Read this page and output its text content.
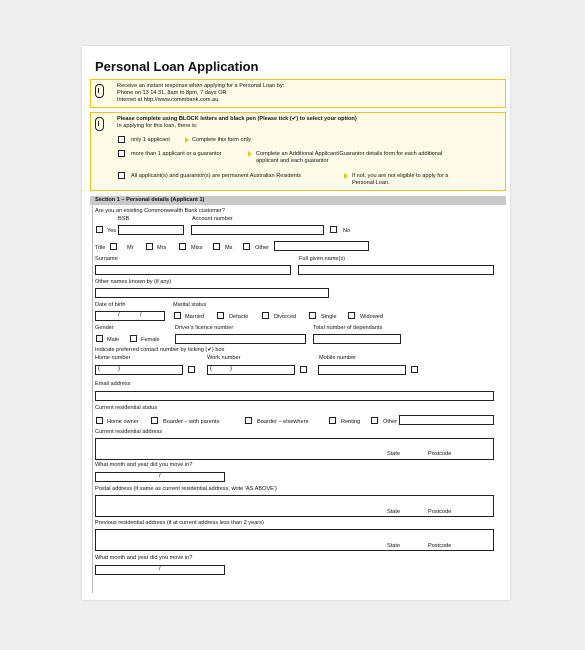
Personal Loan Application
Receive an instant response when applying for a Personal Loan by:
Phone on 13 14 31, 8am to 8pm, 7 days OR
Internet at http://www.commbank.com.au
Please complete using BLOCK letters and black pen (Please tick (✔) to select your option)
In applying for this loan, there is:
only 1 applicant	Complete this form only
more than 1 applicant or a guarantor	Complete an Additional Applicant/Guarantor details form for each additional
applicant and each guarantor
All applicant(s) and guarantor(s) are permanent Australian Residents	If not, you are not eligible to apply for a
Personal Loan.
Section 1 – Personal details (Applicant 1)
Are you an existing Commonwealth Bank customer?
BSB	Account number
Yes	No
Title	Mr	Mrs	Miss	Ms	Other
Surname	Full given name(s)
Other names known by (if any)
Date of birth	Marital status
/	/	Married	Defacto	Divorced	Single	Widowed
Gender	Driver's licence number	Total number of dependants
Male	Female
Indicate preferred contact number by ticking (✔) box
Home number	Work number	Mobile number
(	)	(	)
Email address
Current residential status
Home owner	Boarder – with parents	Boarder – elsewhere	Renting	Other
Current residential address
State	Postcode
What month and year did you move in?
/
Postal address (if same as current residential address, write 'AS ABOVE')
State	Postcode
Previous residential address (if at current address less than 2 years)
State	Postcode
What month and year did you move in?
/
